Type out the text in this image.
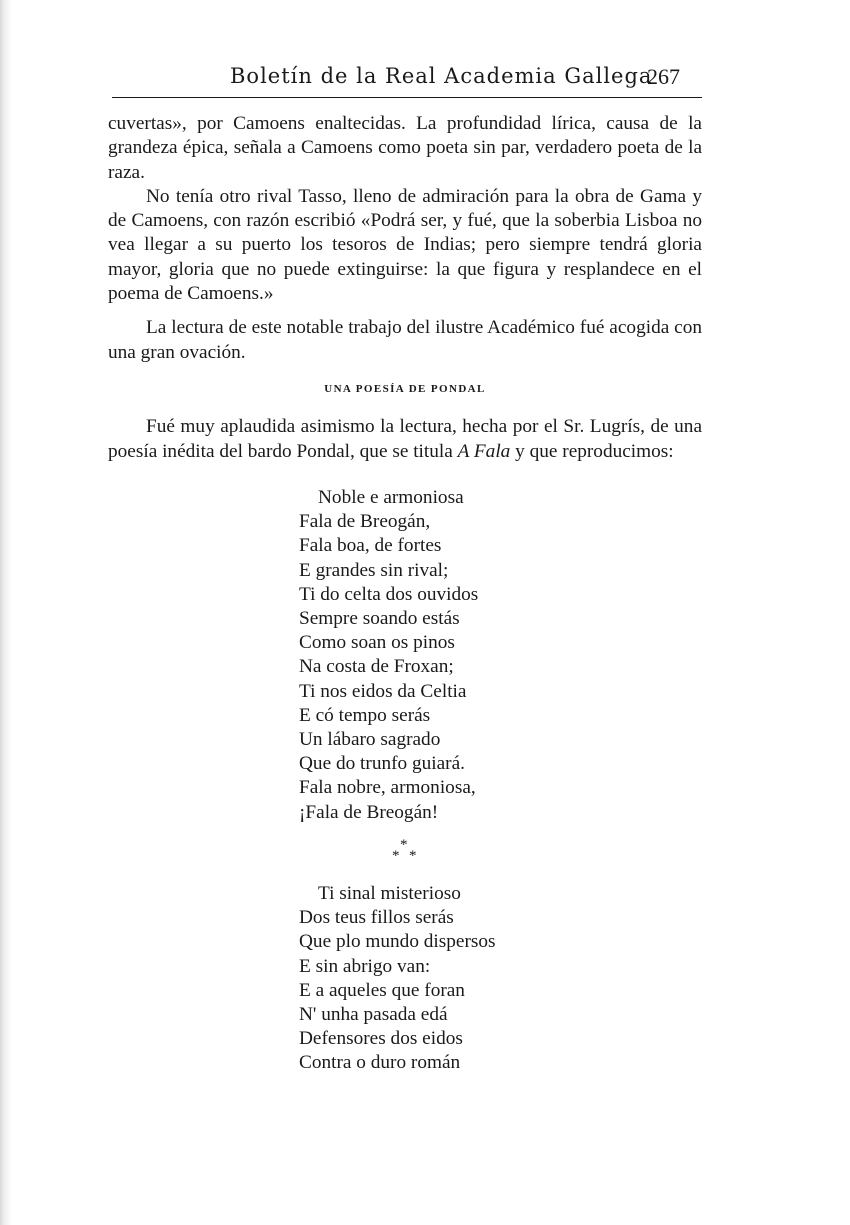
Boletín de la Real Academia Gallega
267

cuvertas», por Camoens enaltecidas. La profundidad lírica, causa de la grandeza épica, señala a Camoens como poeta sin par, verdadero poeta de la raza.

No tenía otro rival Tasso, lleno de admiración para la obra de Gama y de Camoens, con razón escribió «Podrá ser, y fué, que la soberbia Lisboa no vea llegar a su puerto los tesoros de Indias; pero siempre tendrá gloria mayor, gloria que no puede extinguirse: la que figura y resplandece en el poema de Camoens.»

La lectura de este notable trabajo del ilustre Académico fué acogida con una gran ovación.

UNA POESÍA DE PONDAL

Fué muy aplaudida asimismo la lectura, hecha por el Sr. Lugrís, de una poesía inédita del bardo Pondal, que se titula A Fala y que reproducimos:

Noble e armoniosa
Fala de Breogán,
Fala boa, de fortes
E grandes sin rival;
Ti do celta dos ouvidos
Sempre soando estás
Como soan os pinos
Na costa de Froxan;
Ti nos eidos da Celtia
E có tempo serás
Un lábaro sagrado
Que do trunfo guiará.
Fala nobre, armoniosa,
¡Fala de Breogán!
*
* *
Ti sinal misterioso
Dos teus fillos serás
Que plo mundo dispersos
E sin abrigo van:
E a aqueles que foran
N' unha pasada edá
Defensores dos eidos
Contra o duro román
